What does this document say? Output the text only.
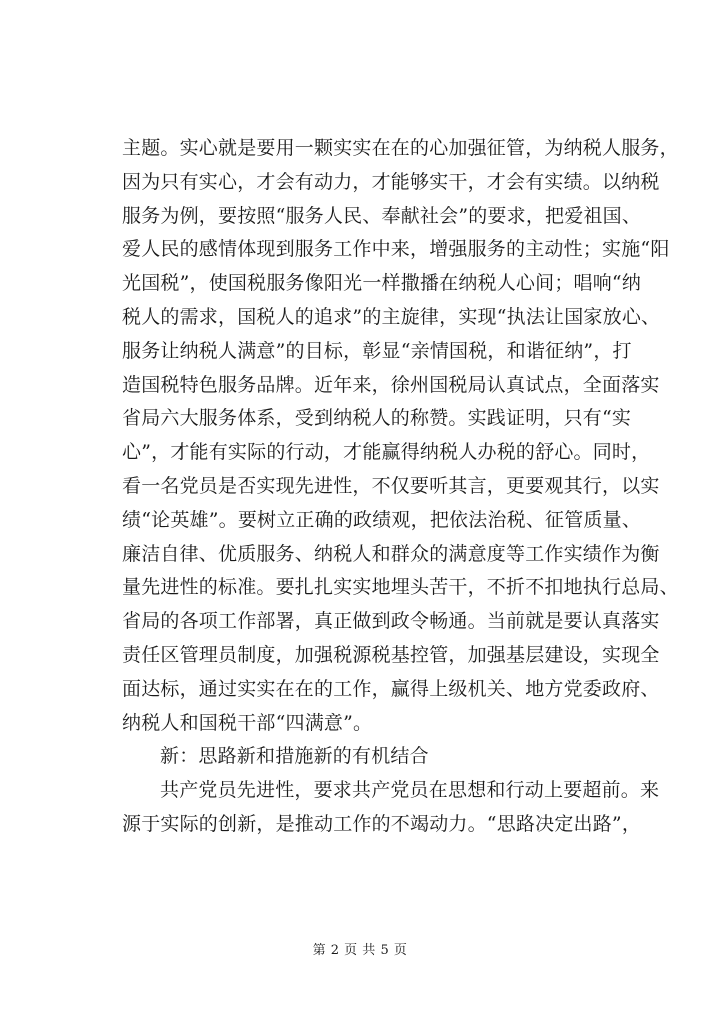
主题。实心就是要用一颗实实在在的心加强征管，为纳税人服务，
因为只有实心，才会有动力，才能够实干，才会有实绩。以纳税
服务为例，要按照“服务人民、奉献社会”的要求，把爱祖国、
爱人民的感情体现到服务工作中来，增强服务的主动性；实施“阳
光国税”，使国税服务像阳光一样撒播在纳税人心间；唱响“纳
税人的需求，国税人的追求”的主旋律，实现“执法让国家放心、
服务让纳税人满意”的目标，彰显“亲情国税，和谐征纳”，打
造国税特色服务品牌。近年来，徐州国税局认真试点，全面落实
省局六大服务体系，受到纳税人的称赞。实践证明，只有“实
心”，才能有实际的行动，才能赢得纳税人办税的舒心。同时，
看一名党员是否实现先进性，不仅要听其言，更要观其行，以实
绩“论英雄”。要树立正确的政绩观，把依法治税、征管质量、
廉洁自律、优质服务、纳税人和群众的满意度等工作实绩作为衡
量先进性的标准。要扎扎实实地埋头苦干，不折不扣地执行总局、
省局的各项工作部署，真正做到政令畅通。当前就是要认真落实
责任区管理员制度，加强税源税基控管，加强基层建设，实现全
面达标，通过实实在在的工作，赢得上级机关、地方党委政府、
纳税人和国税干部“四满意”。
新：思路新和措施新的有机结合
共产党员先进性，要求共产党员在思想和行动上要超前。来
源于实际的创新，是推动工作的不竭动力。“思路决定出路”，
第 2 页 共 5 页
